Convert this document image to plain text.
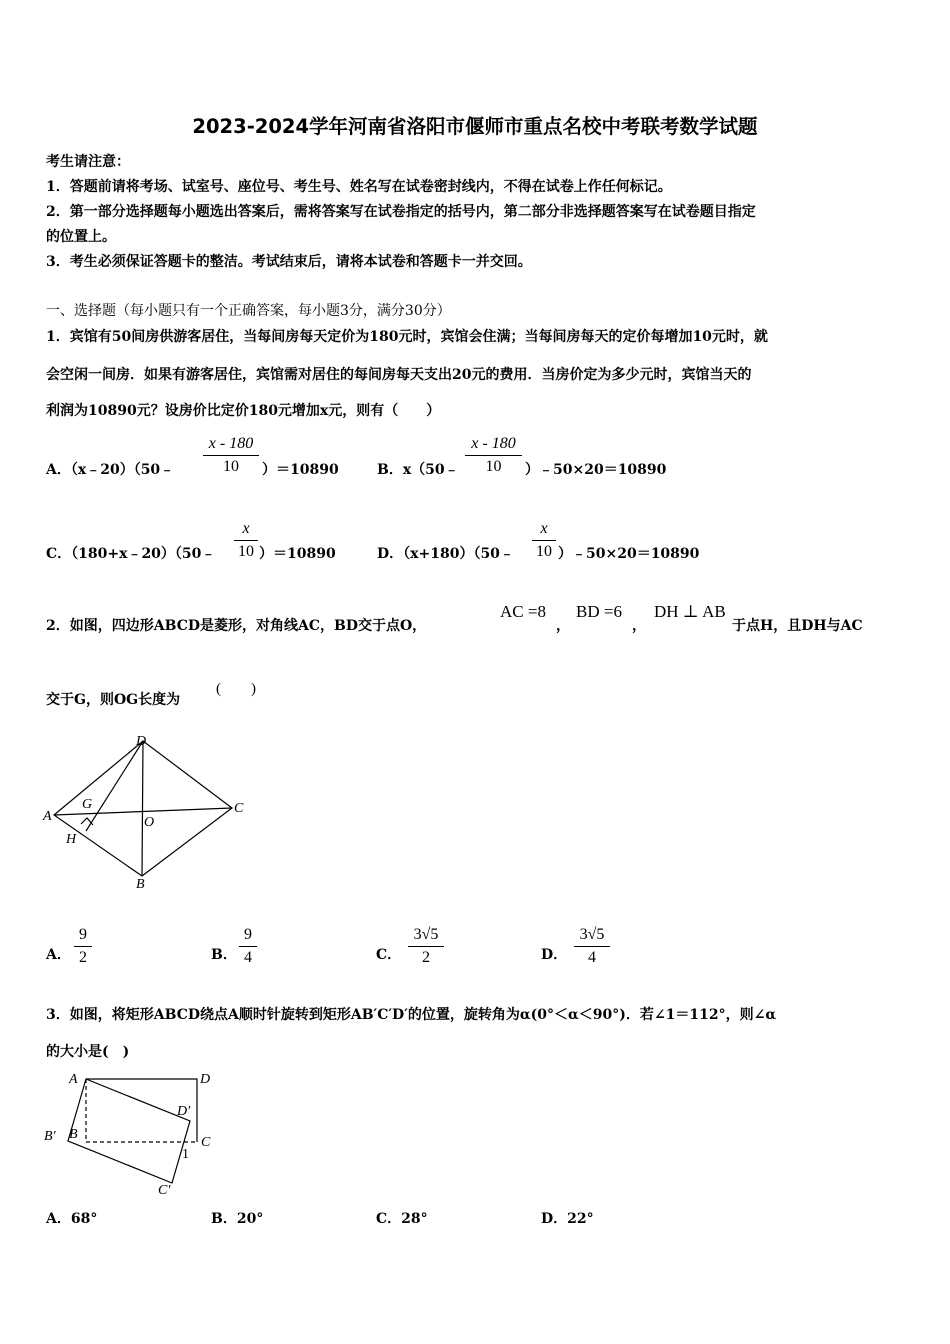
2023-2024学年河南省洛阳市偃师市重点名校中考联考数学试题
考生请注意：
1．答题前请将考场、试室号、座位号、考生号、姓名写在试卷密封线内，不得在试卷上作任何标记。
2．第一部分选择题每小题选出答案后，需将答案写在试卷指定的括号内，第二部分非选择题答案写在试卷题目指定
的位置上。
3．考生必须保证答题卡的整洁。考试结束后，请将本试卷和答题卡一并交回。
一、选择题（每小题只有一个正确答案，每小题3分，满分30分）
1．宾馆有50间房供游客居住，当每间房每天定价为180元时，宾馆会住满；当每间房每天的定价每增加10元时，就
会空闲一间房．如果有游客居住，宾馆需对居住的每间房每天支出20元的费用．当房价定为多少元时，宾馆当天的
利润为10890元？设房价比定价180元增加x元，则有（　　）
A．（x﹣20）（50﹣
x - 180
10	）＝10890	B．x（50﹣
x - 180
10	）﹣50×20＝10890
C．（180+x﹣20）（50﹣
x
10 ）＝10890	D．（x+180）（50﹣
x
10 ）﹣50×20＝10890
2．如图，四边形ABCD是菱形，对角线AC，BD交于点O，
AC =8
，
BD =6
，
DH ⊥ AB
于点H，且DH与AC
交于G，则OG长度为
(　　)
D
A
C
B
G
O
H
A．
9
2	B．
9
4	C．
3√5
2	D．
3√5
4
3．如图，将矩形ABCD绕点A顺时针旋转到矩形AB′C′D′的位置，旋转角为α(0°＜α＜90°)．若∠1＝112°，则∠α
的大小是(　)
A	D
D′
B′ B
C
1
C′
A．68°	B．20°	C．28°	D．22°
